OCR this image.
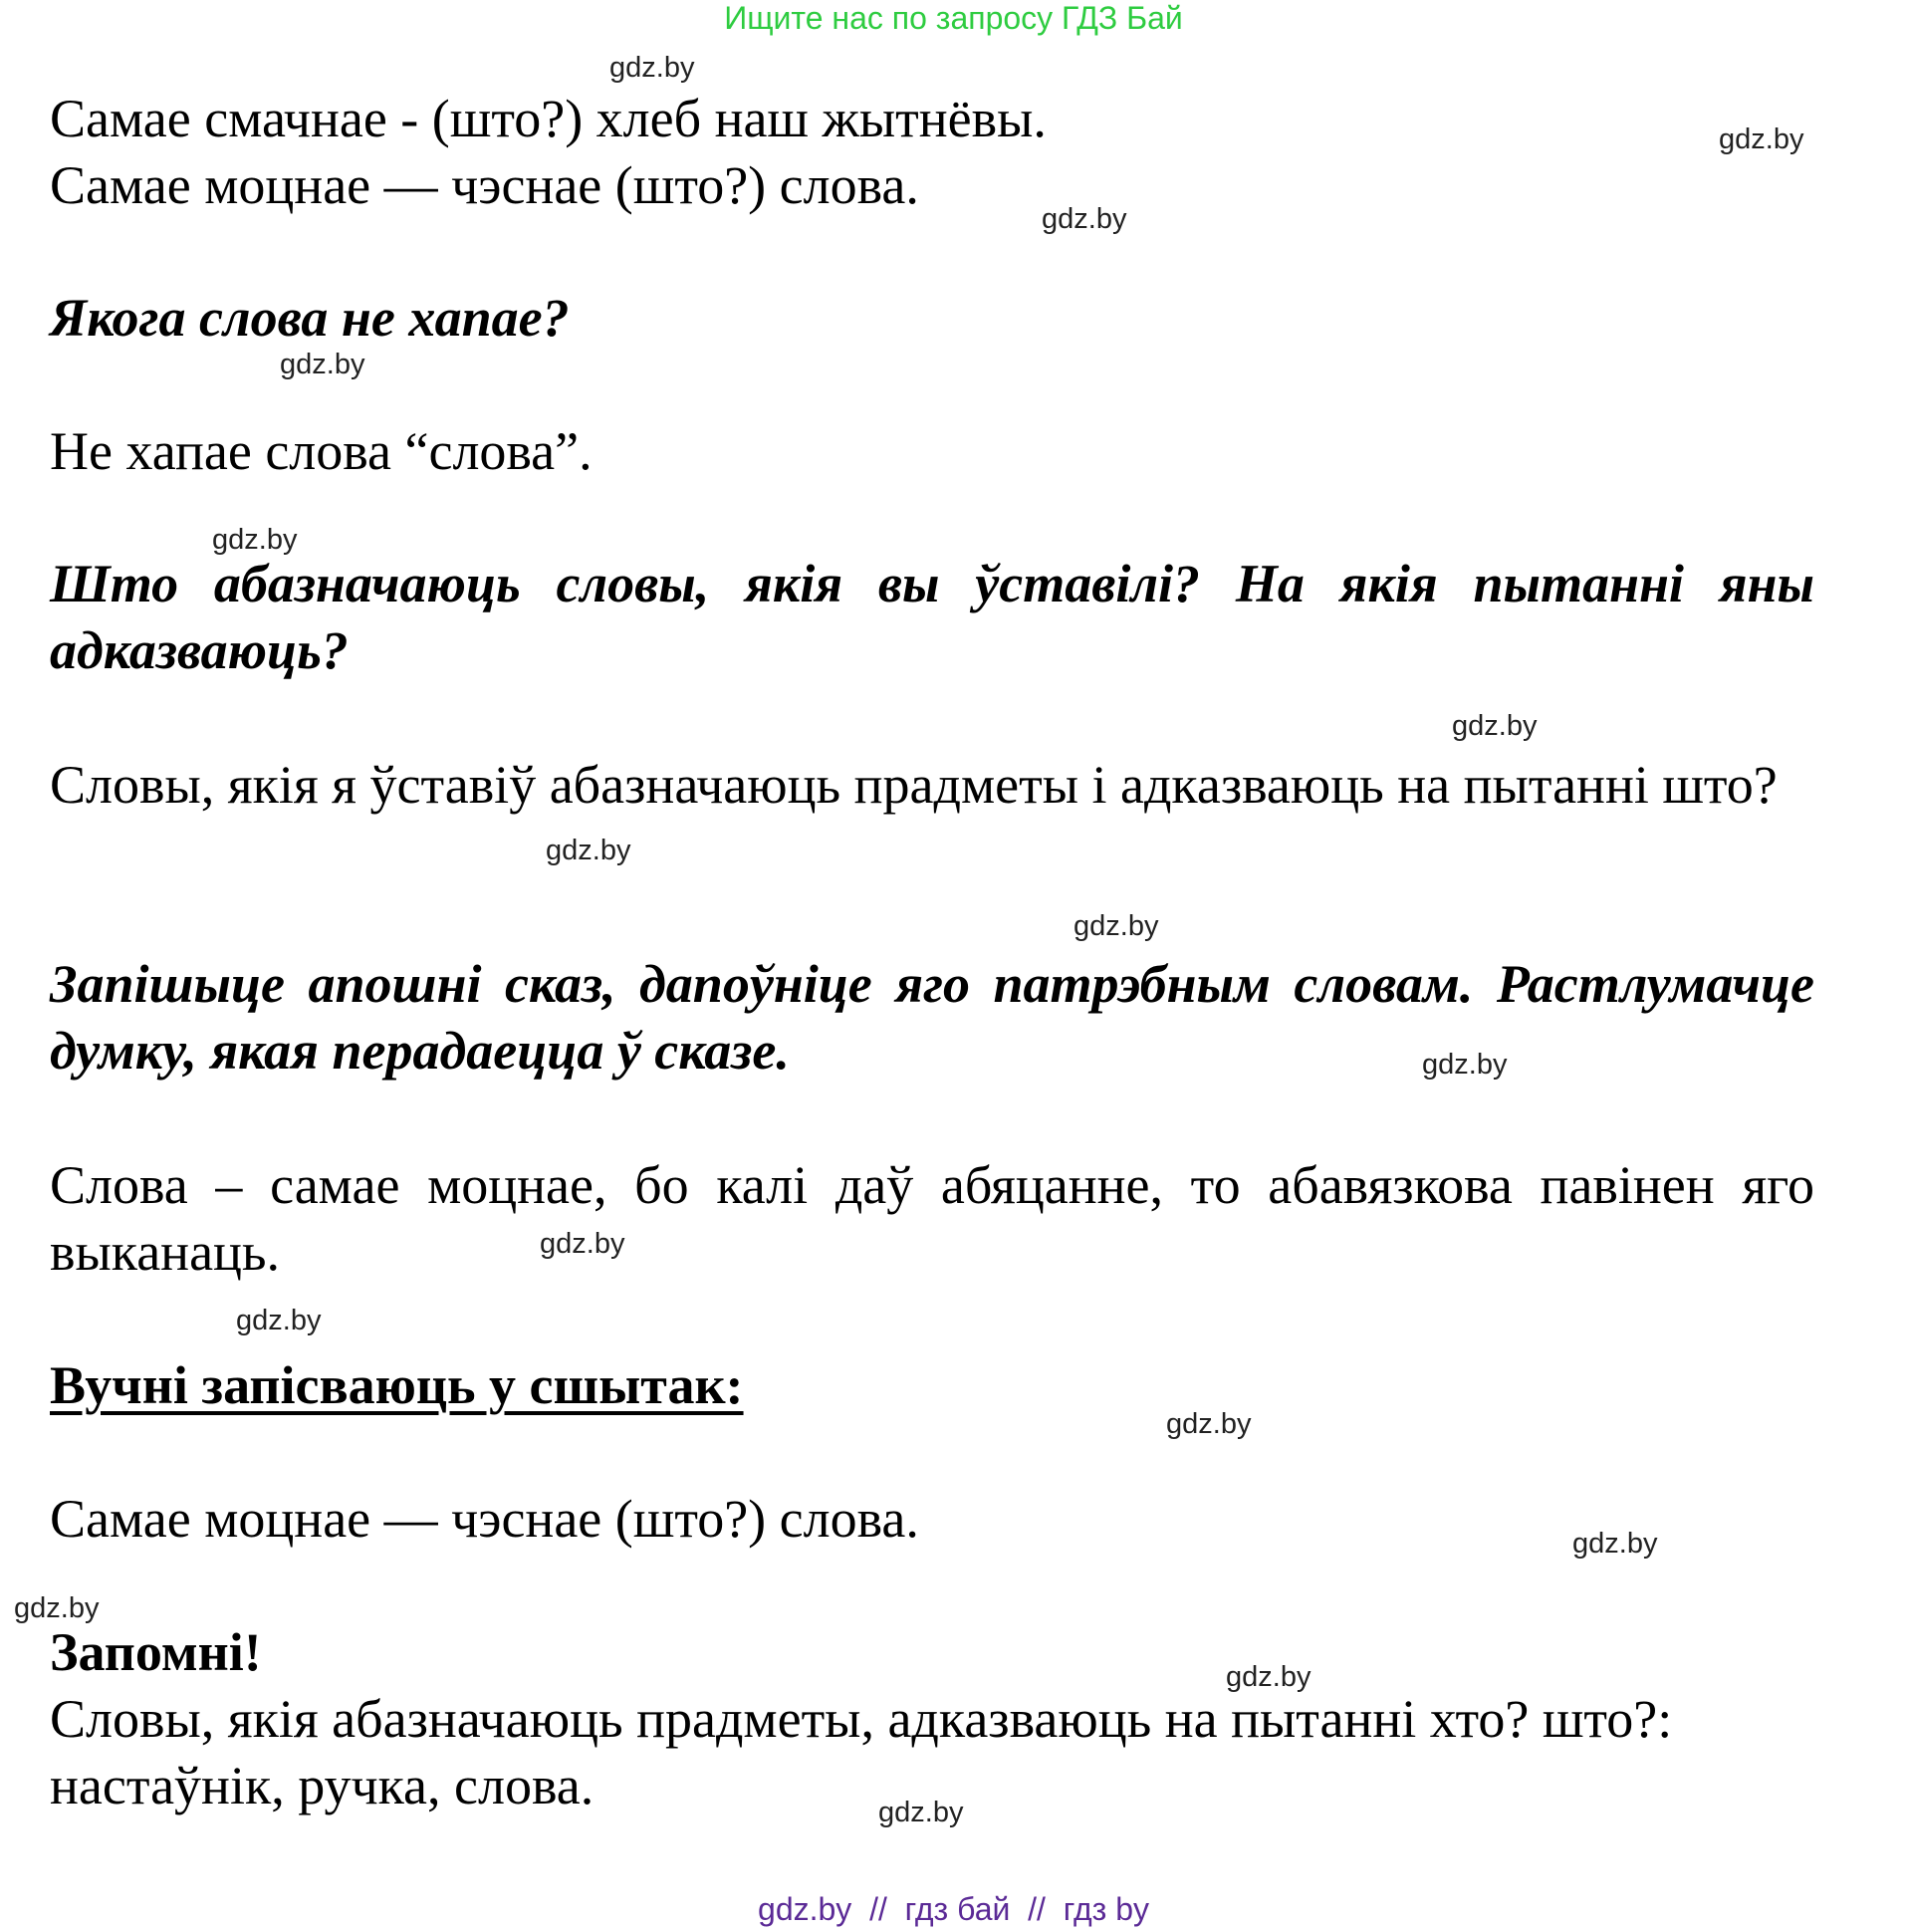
Ищите нас по запросу ГДЗ Бай

Самае смачнае - (што?) хлеб наш жытнёвы.

Самае моцнае — чэснае (што?) слова.

Якога слова не хапае?

Не хапае слова “слова”.

Што абазначаюць словы, якія вы ўставілі? На якія пытанні яны адказваюць?

Словы, якія я ўставіў абазначаюць прадметы і адказваюць на пытанні што?

Запішыце апошні сказ, дапоўніце яго патрэбным словам. Растлумачце думку, якая перадаецца ў сказе.

Слова – самае моцнае, бо калі даў абяцанне, то абавязкова павінен яго выканаць.

Вучні запісваюць у сшытак:

Самае моцнае — чэснае (што?) слова.

Запомні!

Словы, якія абазначаюць прадметы, адказваюць на пытанні хто? што?: настаўнік, ручка, слова.

gdz.by
gdz.by
gdz.by
gdz.by
gdz.by
gdz.by
gdz.by
gdz.by
gdz.by
gdz.by
gdz.by
gdz.by
gdz.by
gdz.by
gdz.by
gdz.by
gdz.by  //  гдз бай  //  гдз by
